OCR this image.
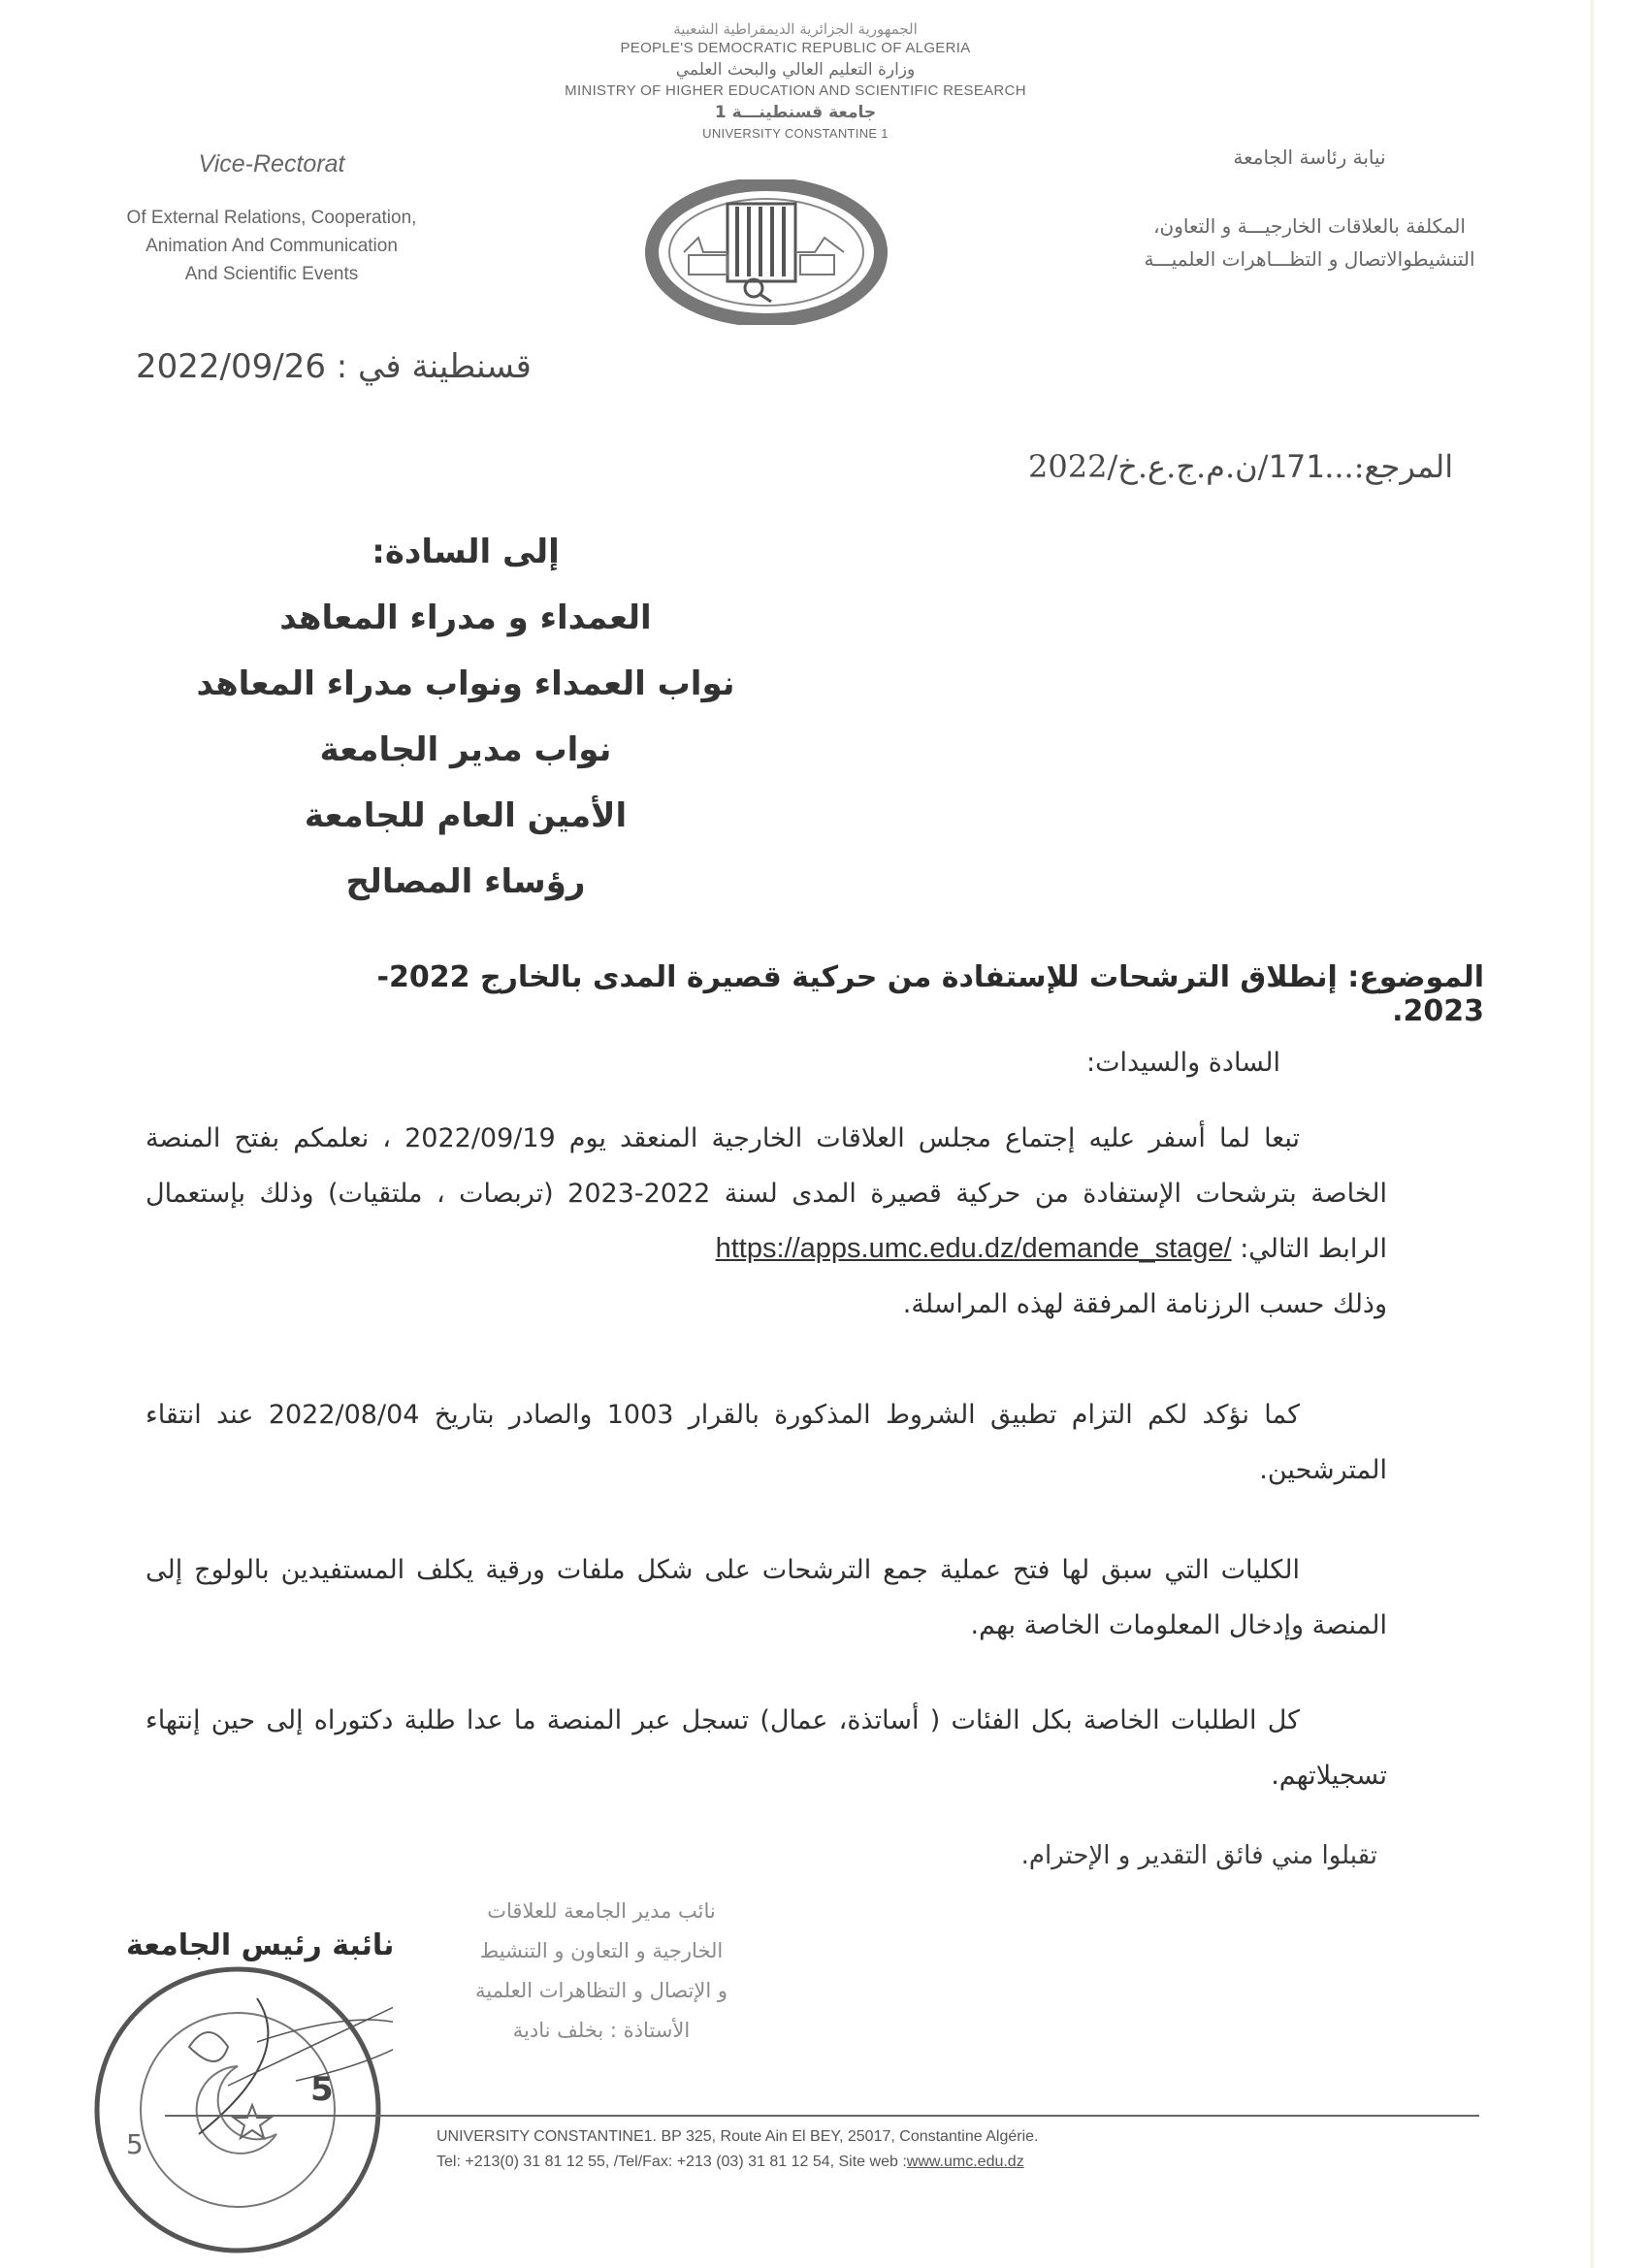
الجمهورية الجزائرية الديمقراطية الشعبية
PEOPLE'S DEMOCRATIC REPUBLIC OF ALGERIA
وزارة التعليم العالي والبحث العلمي
MINISTRY OF HIGHER EDUCATION AND SCIENTIFIC RESEARCH
جامعة قسنطينـــة 1
UNIVERSITY CONSTANTINE 1
Vice-Rectorat
Of External Relations, Cooperation,
Animation And Communication
And Scientific Events
نيابة رئاسة الجامعة
المكلفة بالعلاقات الخارجيـــة و التعاون،
التنشيطوالاتصال و التظـــاهرات العلميـــة
قسنطينة في : 2022/09/26
المرجع:...171/ن.م.ج.ع.خ/2022
إلى السادة:
العمداء و مدراء المعاهد
نواب العمداء ونواب مدراء المعاهد
نواب مدير الجامعة
الأمين العام للجامعة
رؤساء المصالح
الموضوع: إنطلاق الترشحات للإستفادة من حركية قصيرة المدى بالخارج 2022-2023.
السادة والسيدات:
تبعا لما أسفر عليه إجتماع مجلس العلاقات الخارجية المنعقد يوم 2022/09/19 ، نعلمكم بفتح المنصة الخاصة بترشحات الإستفادة من حركية قصيرة المدى لسنة 2022-2023 (تربصات ، ملتقيات) وذلك بإستعمال الرابط التالي: https://apps.umc.edu.dz/demande_stage/
وذلك حسب الرزنامة المرفقة لهذه المراسلة.
كما نؤكد لكم التزام تطبيق الشروط المذكورة بالقرار 1003 والصادر بتاريخ 2022/08/04 عند انتقاء المترشحين.
الكليات التي سبق لها فتح عملية جمع الترشحات على شكل ملفات ورقية يكلف المستفيدين بالولوج إلى المنصة وإدخال المعلومات الخاصة بهم.
كل الطلبات الخاصة بكل الفئات ( أساتذة، عمال) تسجل عبر المنصة ما عدا طلبة دكتوراه إلى حين إنتهاء تسجيلاتهم.
تقبلوا مني فائق التقدير و الإحترام.
نائب مدير الجامعة للعلاقات
الخارجية و التعاون و التنشيط
و الإتصال و التظاهرات العلمية
الأستاذة : بخلف نادية
نائبة رئيس الجامعة
5
5
UNIVERSITY CONSTANTINE1. BP 325, Route Ain El BEY, 25017, Constantine Algérie.
Tel: +213(0) 31 81 12 55, /Tel/Fax: +213 (03) 31 81 12 54, Site web :www.umc.edu.dz
